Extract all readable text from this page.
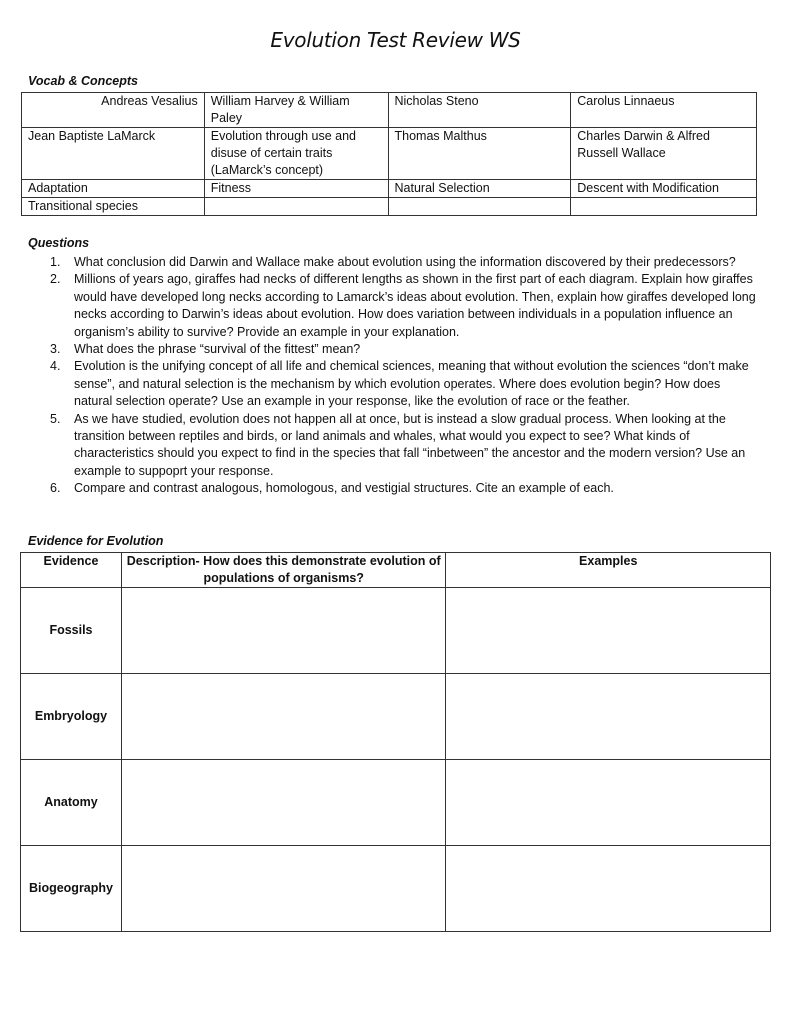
Evolution Test Review WS
Vocab & Concepts
Andreas Vesalius	William Harvey & William Paley	Nicholas Steno	Carolus Linnaeus
Jean Baptiste LaMarck	Evolution through use and disuse of certain traits (LaMarck’s concept)	Thomas Malthus	Charles Darwin & Alfred Russell Wallace
Adaptation	Fitness	Natural Selection	Descent with Modification
Transitional species			
Questions
1. What conclusion did Darwin and Wallace make about evolution using the information discovered by their predecessors?
2. Millions of years ago, giraffes had necks of different lengths as shown in the first part of each diagram. Explain how giraffes would have developed long necks according to Lamarck’s ideas about evolution. Then, explain how giraffes developed long necks according to Darwin’s ideas about evolution. How does variation between individuals in a population influence an organism’s ability to survive? Provide an example in your explanation.
3. What does the phrase “survival of the fittest” mean?
4. Evolution is the unifying concept of all life and chemical sciences, meaning that without evolution the sciences “don’t make sense”, and natural selection is the mechanism by which evolution operates. Where does evolution begin? How does natural selection operate? Use an example in your response, like the evolution of race or the feather.
5. As we have studied, evolution does not happen all at once, but is instead a slow gradual process. When looking at the transition between reptiles and birds, or land animals and whales, what would you expect to see? What kinds of characteristics should you expect to find in the species that fall “inbetween” the ancestor and the modern version? Use an example to suppoprt your response.
6. Compare and contrast analogous, homologous, and vestigial structures. Cite an example of each.
Evidence for Evolution
Evidence	Description- How does this demonstrate evolution of populations of organisms?	Examples
Fossils		
Embryology		
Anatomy		
Biogeography		
